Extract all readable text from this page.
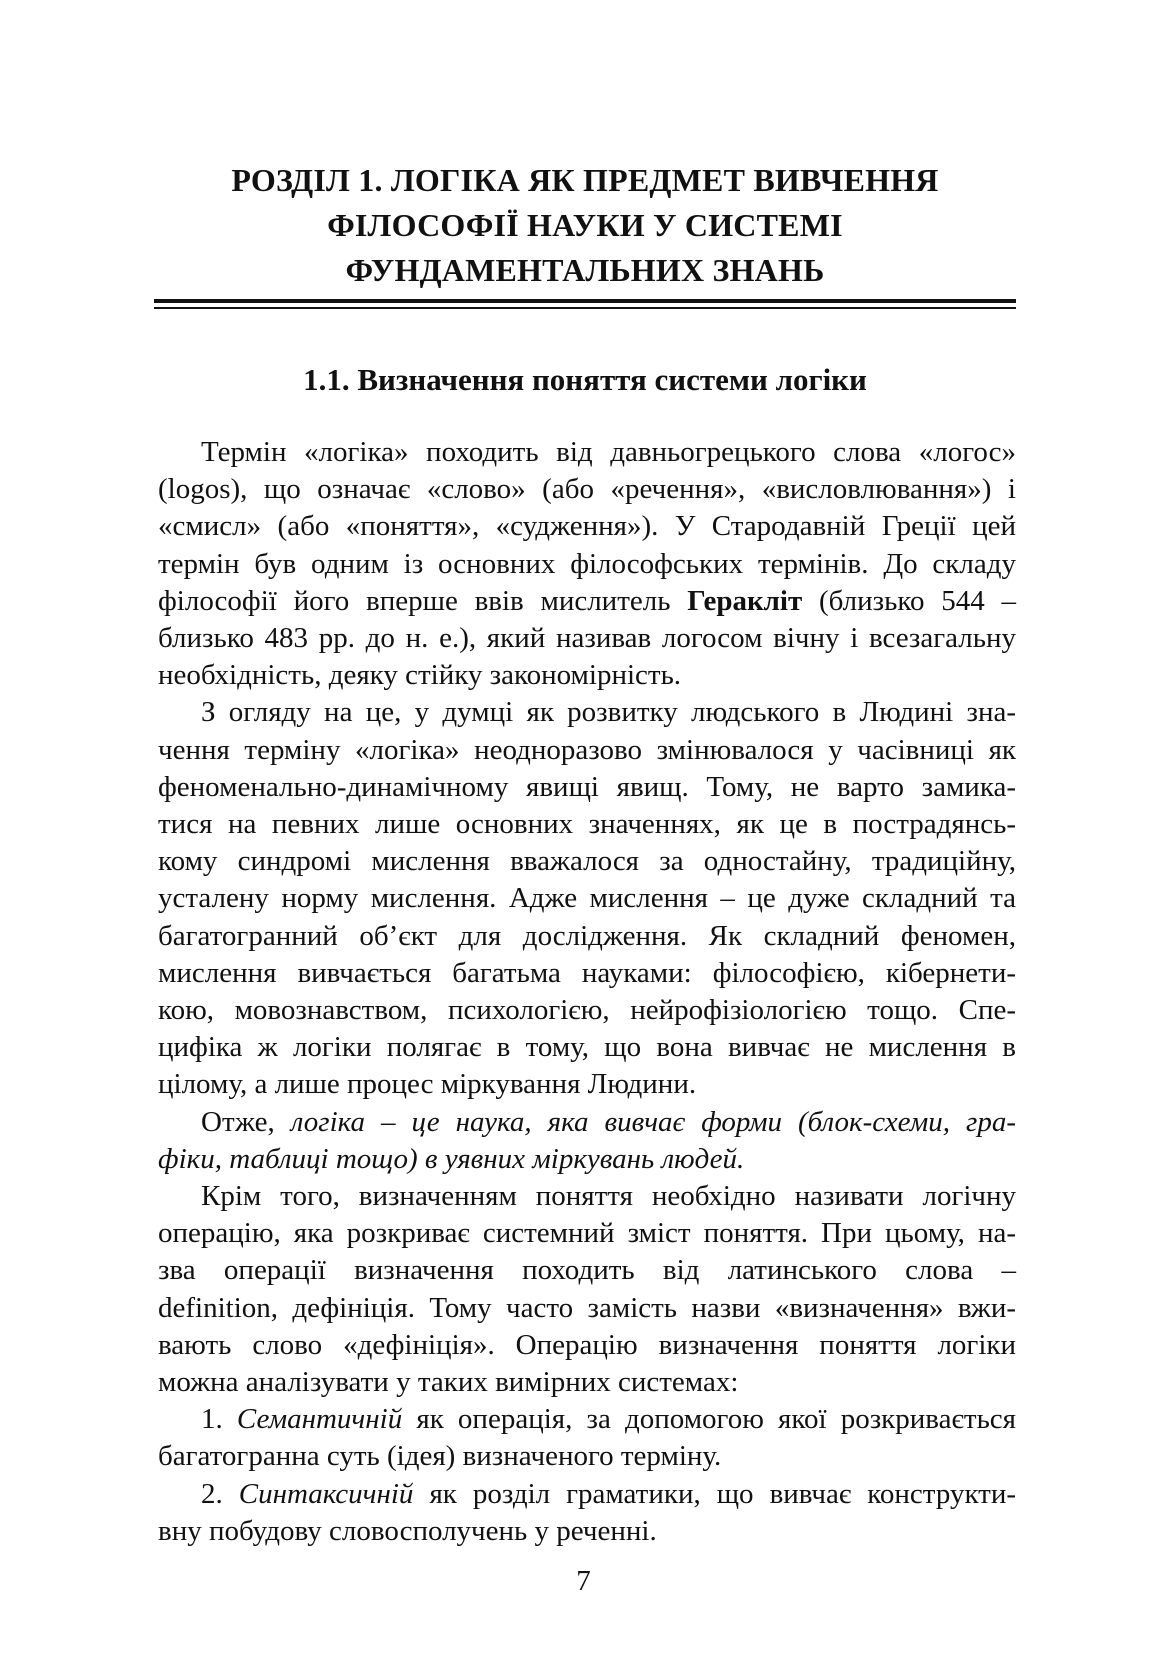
РОЗДІЛ 1. ЛОГІКА ЯК ПРЕДМЕТ ВИВЧЕННЯ
ФІЛОСОФІЇ НАУКИ У СИСТЕМІ
ФУНДАМЕНТАЛЬНИХ ЗНАНЬ
1.1. Визначення поняття системи логіки
Термін «логіка» походить від давньогрецького слова «логос»
(logos), що означає «слово» (або «речення», «висловлювання») і
«смисл» (або «поняття», «судження»). У Стародавній Греції цей
термін був одним із основних філософських термінів. До складу
філософії його вперше ввів мислитель Геракліт (близько 544 –
близько 483 рр. до н. е.), який називав логосом вічну і всезагальну
необхідність, деяку стійку закономірність.
З огляду на це, у думці як розвитку людського в Людині зна-
чення терміну «логіка» неодноразово змінювалося у часівниці як
феноменально-динамічному явищі явищ. Тому, не варто замика-
тися на певних лише основних значеннях, як це в пострадянсь-
кому синдромі мислення вважалося за одностайну, традиційну,
усталену норму мислення. Адже мислення – це дуже складний та
багатогранний об’єкт для дослідження. Як складний феномен,
мислення вивчається багатьма науками: філософією, кібернети-
кою, мовознавством, психологією, нейрофізіологією тощо. Спе-
цифіка ж логіки полягає в тому, що вона вивчає не мислення в
цілому, а лише процес міркування Людини.
Отже, логіка – це наука, яка вивчає форми (блок-схеми, гра-
фіки, таблиці тощо) в уявних міркувань людей.
Крім того, визначенням поняття необхідно називати логічну
операцію, яка розкриває системний зміст поняття. При цьому, на-
зва операції визначення походить від латинського слова –
definition, дефініція. Тому часто замість назви «визначення» вжи-
вають слово «дефініція». Операцію визначення поняття логіки
можна аналізувати у таких вимірних системах:
1. Семантичній як операція, за допомогою якої розкривається
багатогранна суть (ідея) визначеного терміну.
2. Синтаксичній як розділ граматики, що вивчає конструкти-
вну побудову словосполучень у реченні.
7
